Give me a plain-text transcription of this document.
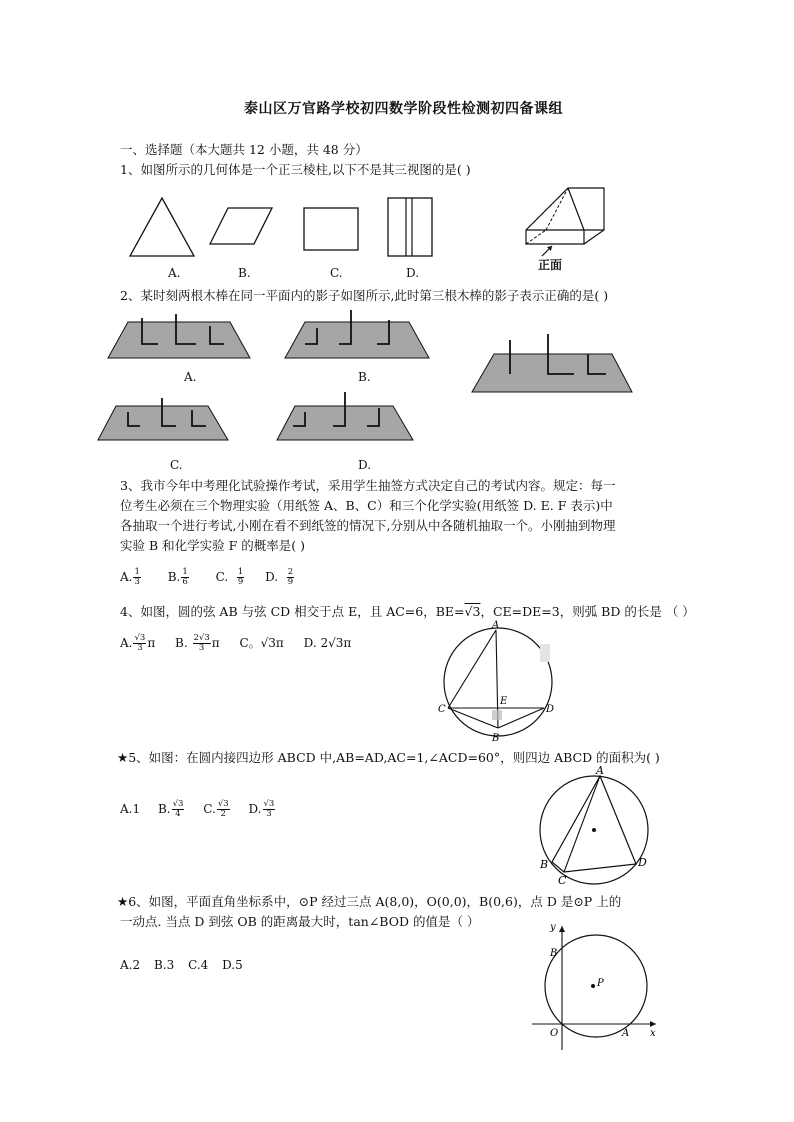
泰山区万官路学校初四数学阶段性检测初四备课组
一、选择题（本大题共 12 小题，共 48 分）
1、如图所示的几何体是一个正三棱柱,以下不是其三视图的是( )
A.	B.	C.	D.
正面
2、某时刻两根木棒在同一平面内的影子如图所示,此时第三根木棒的影子表示正确的是( )
A.	B.
C.	D.
3、我市今年中考理化试验操作考试，采用学生抽签方式决定自己的考试内容。规定：每一
位考生必须在三个物理实验（用纸签 A、B、C）和三个化学实验(用纸签 D. E. F 表示)中
各抽取一个进行考试,小刚在看不到纸签的情况下,分别从中各随机抽取一个。小刚抽到物理
实验 B 和化学实验 F 的概率是( )
A. $\frac{1}{3} B$. $\frac{1}{6} C$. $\frac{1}{9} D$. $\frac{2}{9}$
4、如图，圆的弦 AB 与弦 CD 相交于点 E，且 AC=6，BE=√3，CE=DE=3，则弧 BD 的长是 （ ）
A. $\frac{√3}{3}$ π B. $\frac{2√3}{3}$ π C。√3π D. 2√3π
A
C	D
E
B
★5、如图：在圆内接四边形 ABCD 中,AB=AD,AC=1,∠ACD=60°，则四边 ABCD 的面积为( )
A.1 B. $\frac{√3}{4} C$. $\frac{√3}{2} D$. $\frac{√3}{3}$
A
B
C
D
★6、如图，平面直角坐标系中，⊙P 经过三点 A(8,0)，O(0,0)，B(0,6)，点 D 是⊙P 上的
一动点. 当点 D 到弦 OB 的距离最大时，tan∠BOD 的值是（ ）
A.2 B.3 C.4 D.5
y
B
P
O	A x
